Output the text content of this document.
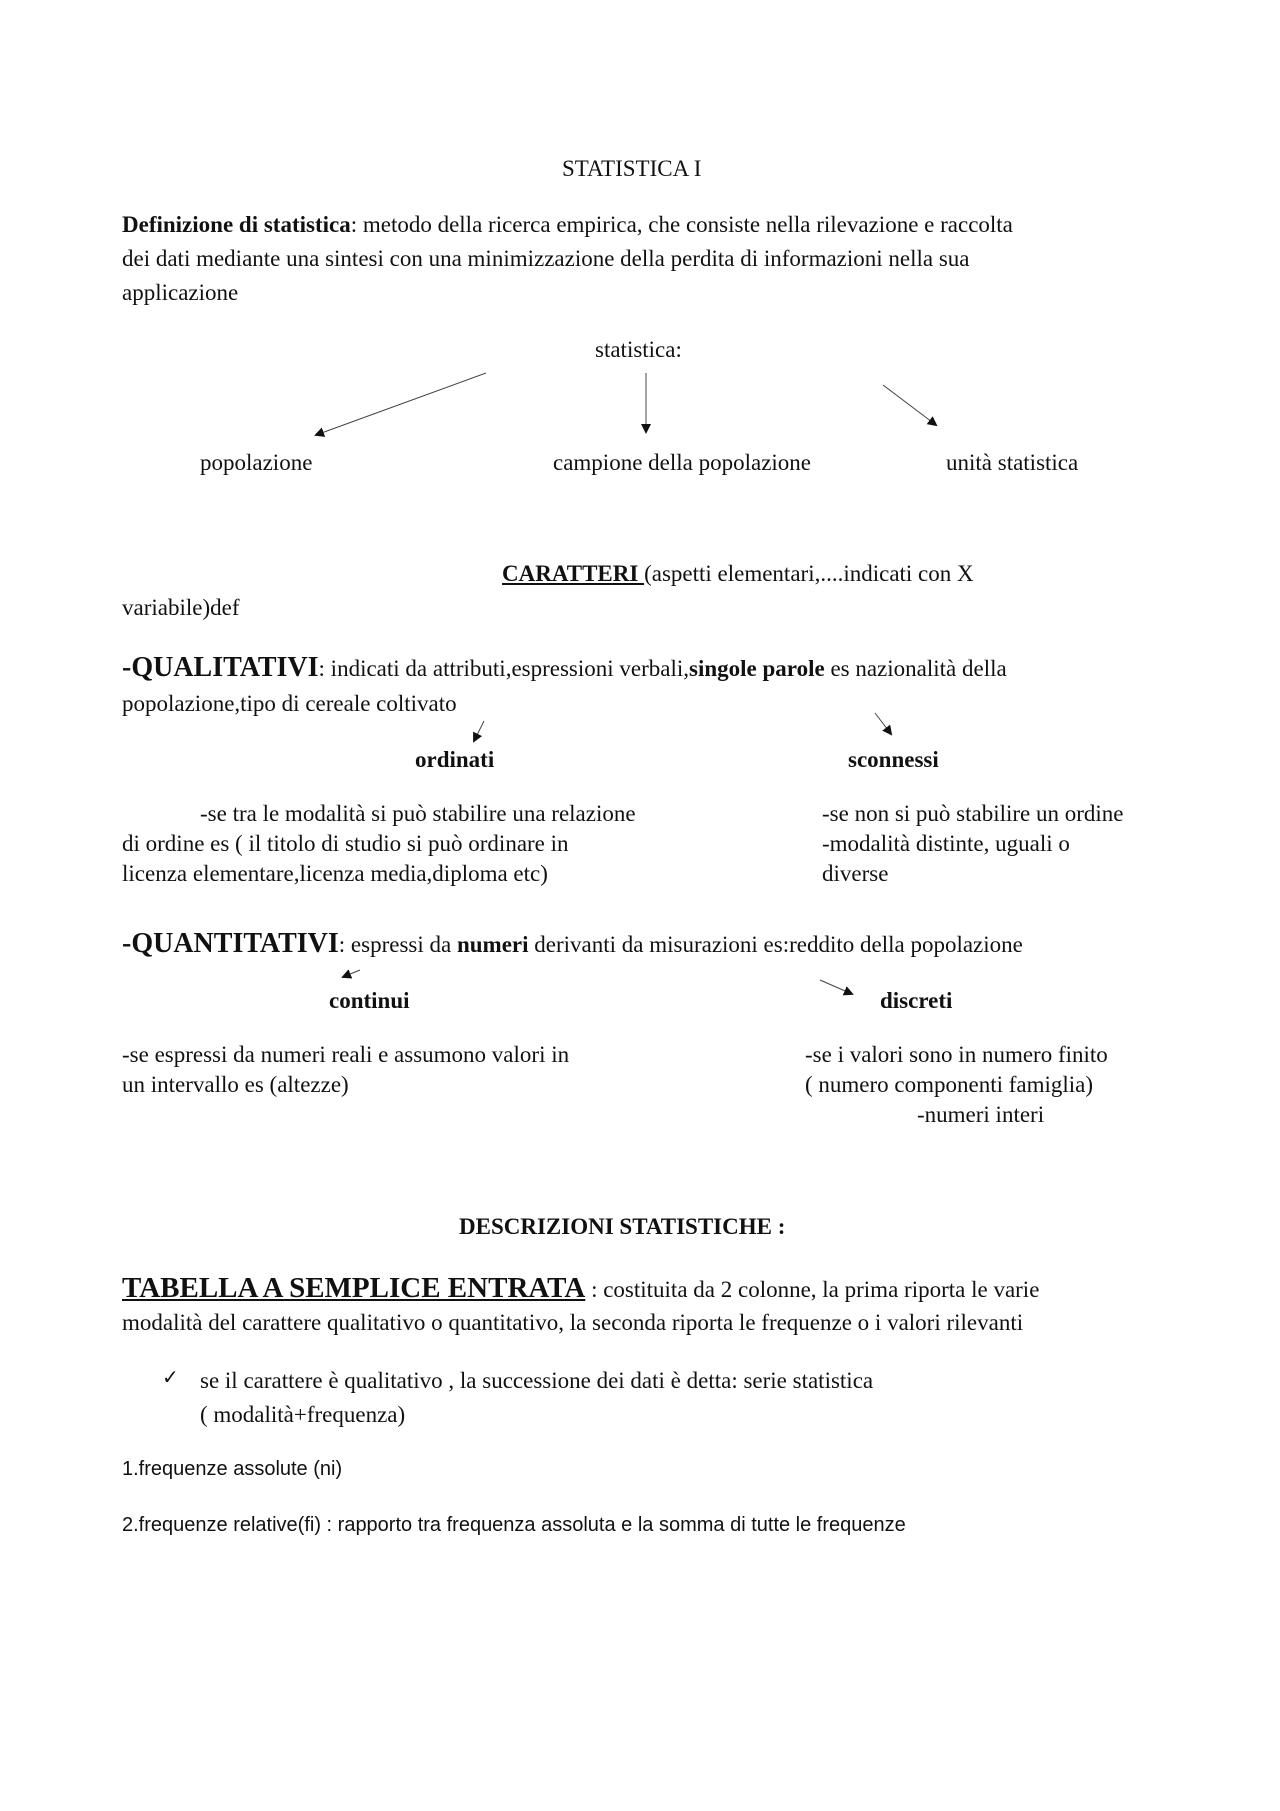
STATISTICA I
Definizione di statistica: metodo della ricerca empirica, che consiste nella rilevazione e raccolta
dei dati mediante una sintesi con una minimizzazione della perdita di informazioni nella sua
applicazione
statistica:
popolazione	campione della popolazione	unità statistica
CARATTERI (aspetti elementari,....indicati con X
variabile)def
-QUALITATIVI: indicati da attributi,espressioni verbali,singole parole es nazionalità della
popolazione,tipo di cereale coltivato
ordinati	sconnessi
-se tra le modalità si può stabilire una relazione
di ordine es ( il titolo di studio si può ordinare in
licenza elementare,licenza media,diploma etc)
-se non si può stabilire un ordine
-modalità distinte, uguali o
diverse
-QUANTITATIVI: espressi da numeri derivanti da misurazioni es:reddito della popolazione
continui	discreti
-se espressi da numeri reali e assumono valori in
un intervallo es (altezze)
-se i valori sono in numero finito
( numero componenti famiglia)
-numeri interi
DESCRIZIONI STATISTICHE :
TABELLA A SEMPLICE ENTRATA : costituita da 2 colonne, la prima riporta le varie
modalità del carattere qualitativo o quantitativo, la seconda riporta le frequenze o i valori rilevanti
✓ se il carattere è qualitativo , la successione dei dati è detta: serie statistica
( modalità+frequenza)
1.frequenze assolute (ni)
2.frequenze relative(fi) : rapporto tra frequenza assoluta e la somma di tutte le frequenze
